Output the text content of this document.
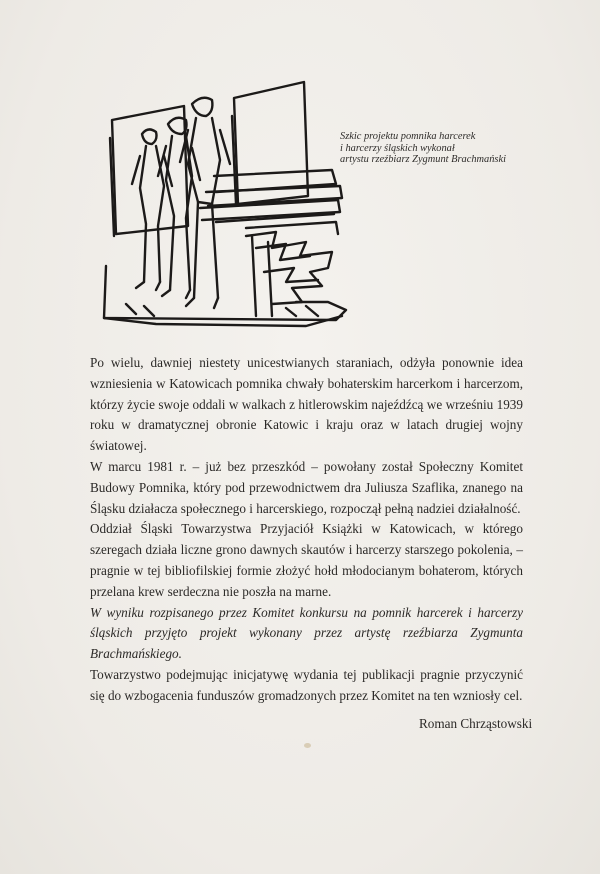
Szkic projektu pomnika harcerek
i harcerzy śląskich wykonał
artystu rzeźbiarz Zygmunt Brachmański

Po wielu, dawniej niestety unicestwianych staraniach, odżyła ponownie idea wzniesienia w Katowicach pomnika chwały bohaterskim harcerkom i harcerzom, którzy życie swoje oddali w walkach z hitlerowskim najeźdźcą we wrześniu 1939 roku w dramatycznej obronie Katowic i kraju oraz w latach drugiej wojny światowej.

W marcu 1981 r. – już bez przeszkód – powołany został Społeczny Komitet Budowy Pomnika, który pod przewodnictwem dra Juliusza Szaflika, znanego na Śląsku działacza społecznego i harcerskiego, rozpoczął pełną nadziei działalność.

Oddział Śląski Towarzystwa Przyjaciół Książki w Katowicach, w którego szeregach działa liczne grono dawnych skautów i harcerzy starszego pokolenia, – pragnie w tej bibliofilskiej formie złożyć hołd młodocianym bohaterom, których przelana krew serdeczna nie poszła na marne.

W wyniku rozpisanego przez Komitet konkursu na pomnik harcerek i harcerzy śląskich przyjęto projekt wykonany przez artystę rzeźbiarza Zygmunta Brachmańskiego.

Towarzystwo podejmując inicjatywę wydania tej publikacji pragnie przyczynić się do wzbogacenia funduszów gromadzonych przez Komitet na ten wzniosły cel.

Roman Chrząstowski
